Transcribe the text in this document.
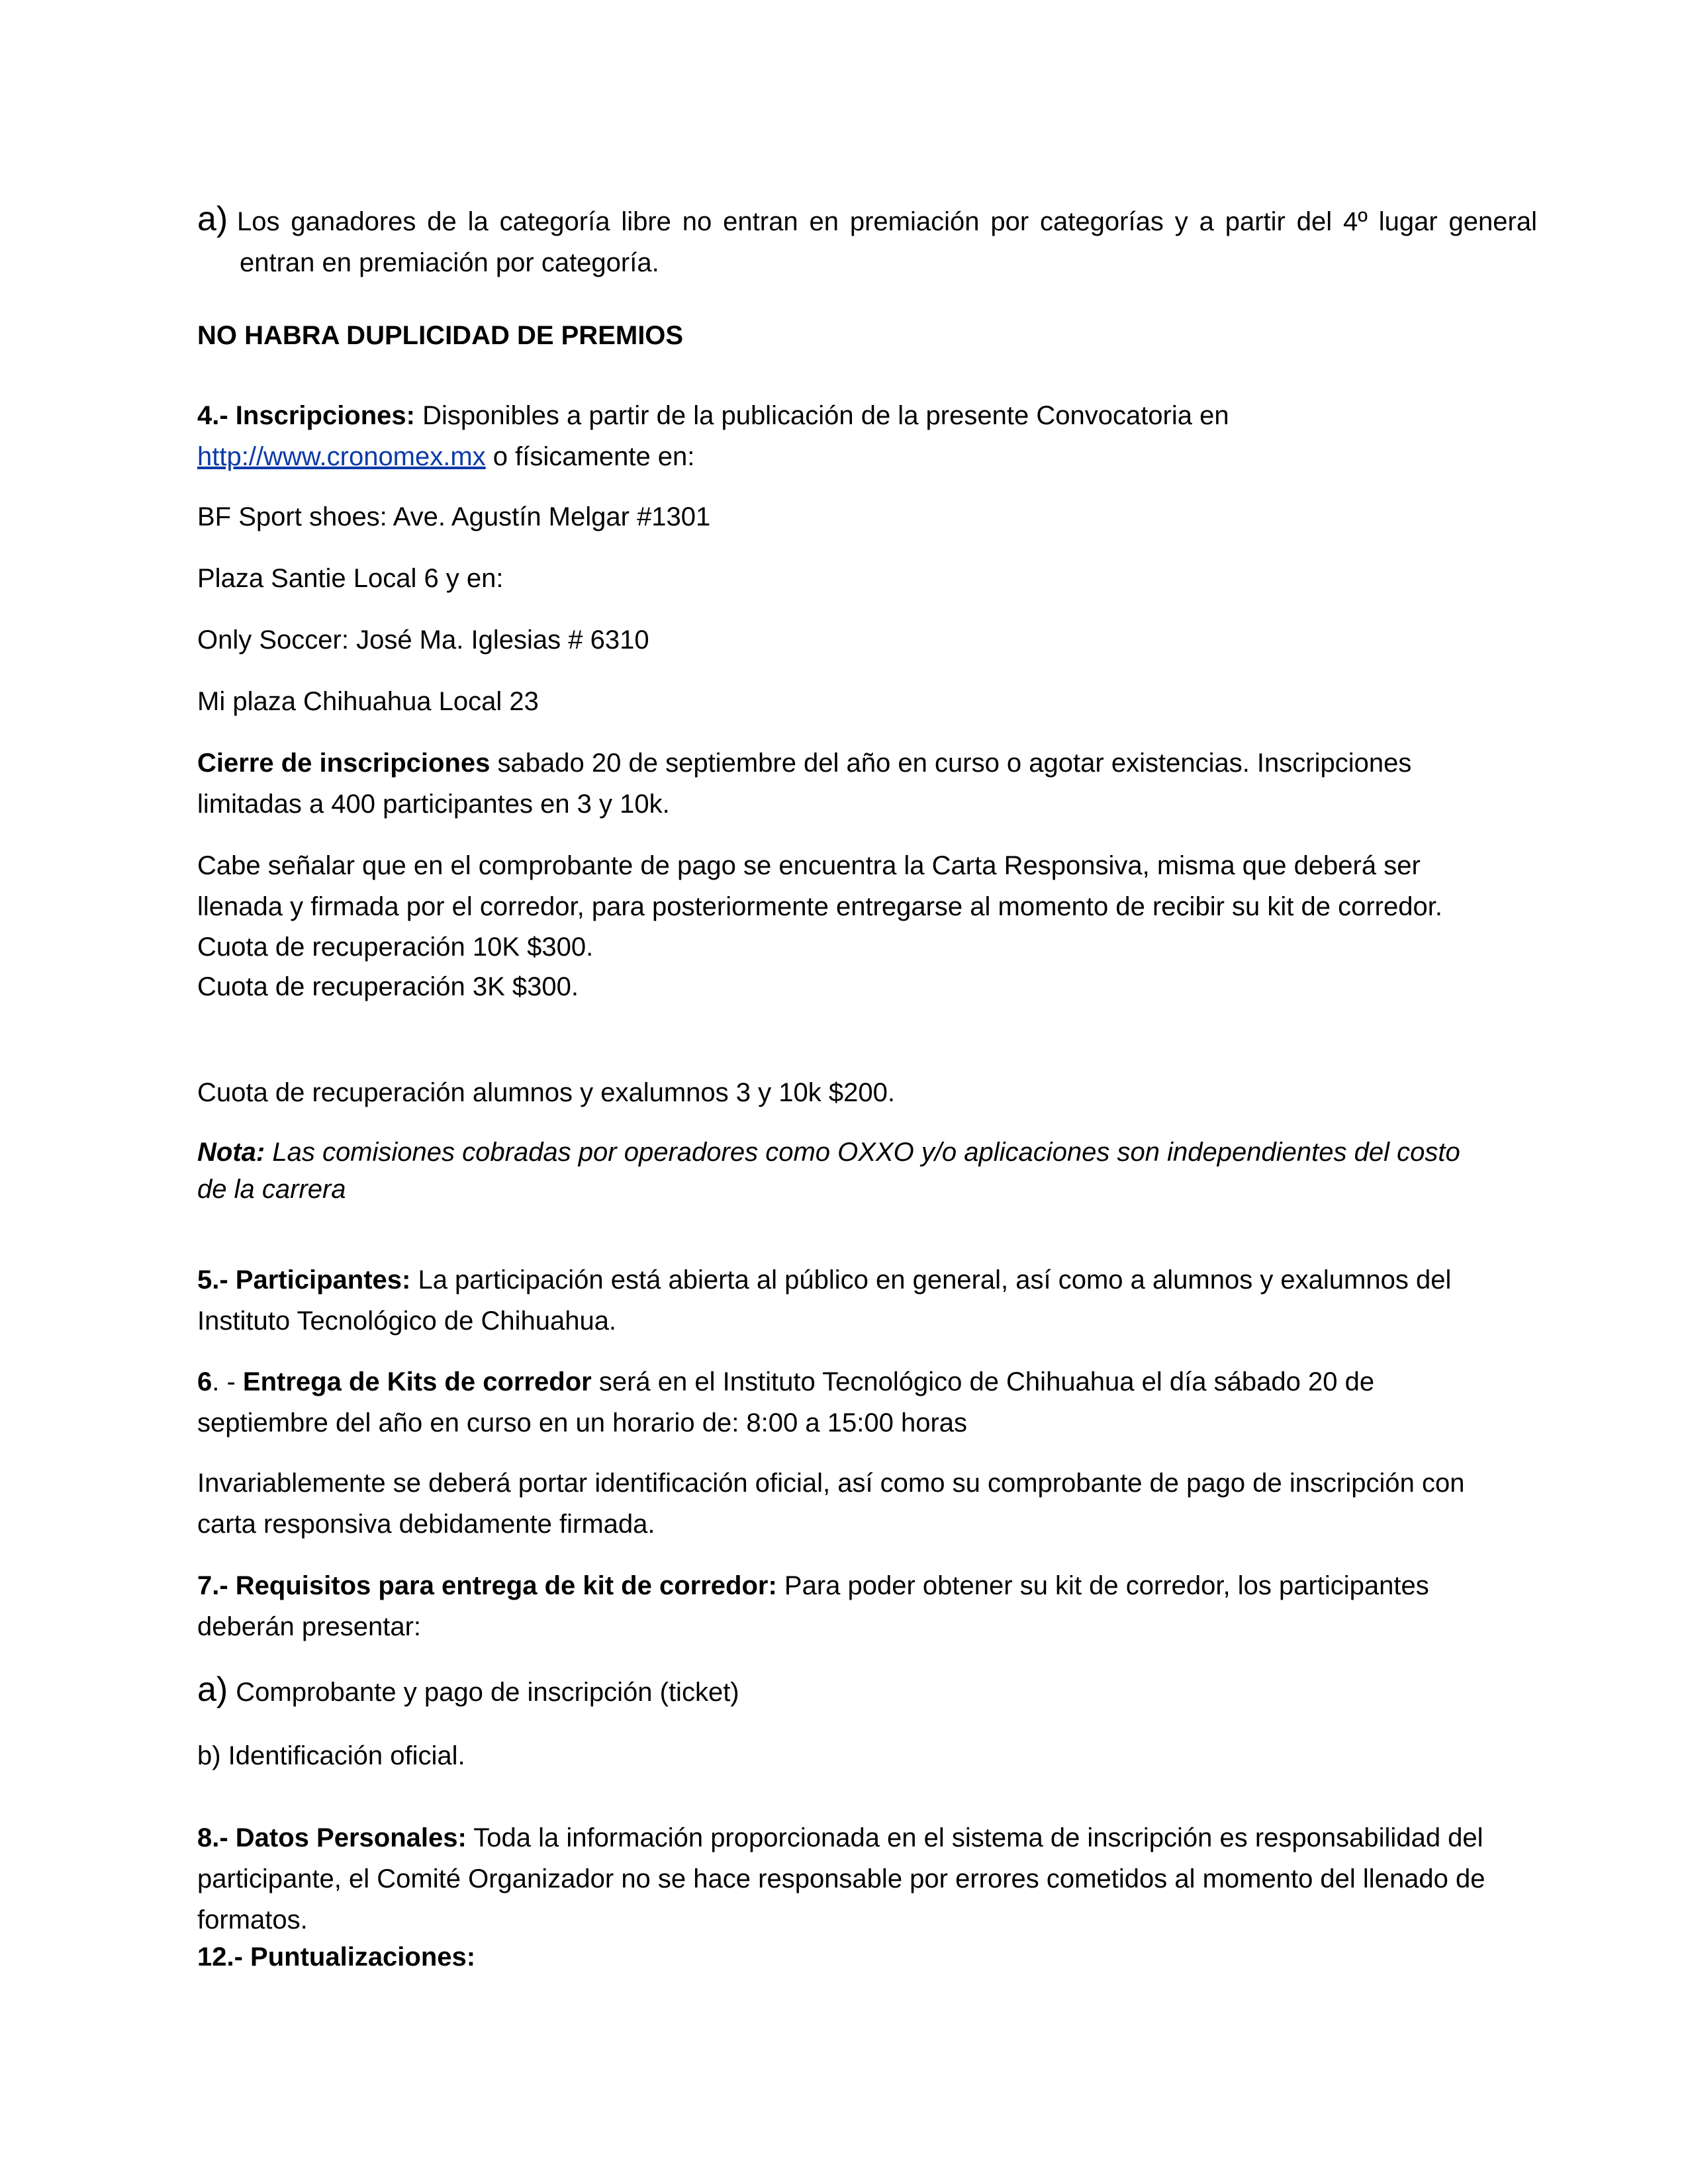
a) Los ganadores de la categoría libre no entran en premiación por categorías y a partir del 4º lugar general entran en premiación por categoría.

NO HABRA DUPLICIDAD DE PREMIOS

4.- Inscripciones: Disponibles a partir de la publicación de la presente Convocatoria en
http://www.cronomex.mx o físicamente en:

BF Sport shoes: Ave. Agustín Melgar #1301

Plaza Santie Local 6 y en:

Only Soccer: José Ma. Iglesias # 6310

Mi plaza Chihuahua Local 23

Cierre de inscripciones sabado 20 de septiembre del año en curso o agotar existencias. Inscripciones limitadas a 400 participantes en 3 y 10k.

Cabe señalar que en el comprobante de pago se encuentra la Carta Responsiva, misma que deberá ser llenada y firmada por el corredor, para posteriormente entregarse al momento de recibir su kit de corredor.
Cuota de recuperación 10K $300.
Cuota de recuperación 3K $300.

Cuota de recuperación alumnos y exalumnos 3 y 10k $200.

Nota: Las comisiones cobradas por operadores como OXXO y/o aplicaciones son independientes del costo de la carrera

5.- Participantes: La participación está abierta al público en general, así como a alumnos y exalumnos del Instituto Tecnológico de Chihuahua.

6. - Entrega de Kits de corredor será en el Instituto Tecnológico de Chihuahua el día sábado 20 de septiembre del año en curso en un horario de: 8:00 a 15:00 horas

Invariablemente se deberá portar identificación oficial, así como su comprobante de pago de inscripción con carta responsiva debidamente firmada.

7.- Requisitos para entrega de kit de corredor: Para poder obtener su kit de corredor, los participantes deberán presentar:

a) Comprobante y pago de inscripción (ticket)

b) Identificación oficial.

8.- Datos Personales: Toda la información proporcionada en el sistema de inscripción es responsabilidad del participante, el Comité Organizador no se hace responsable por errores cometidos al momento del llenado de formatos.

12.- Puntualizaciones:
